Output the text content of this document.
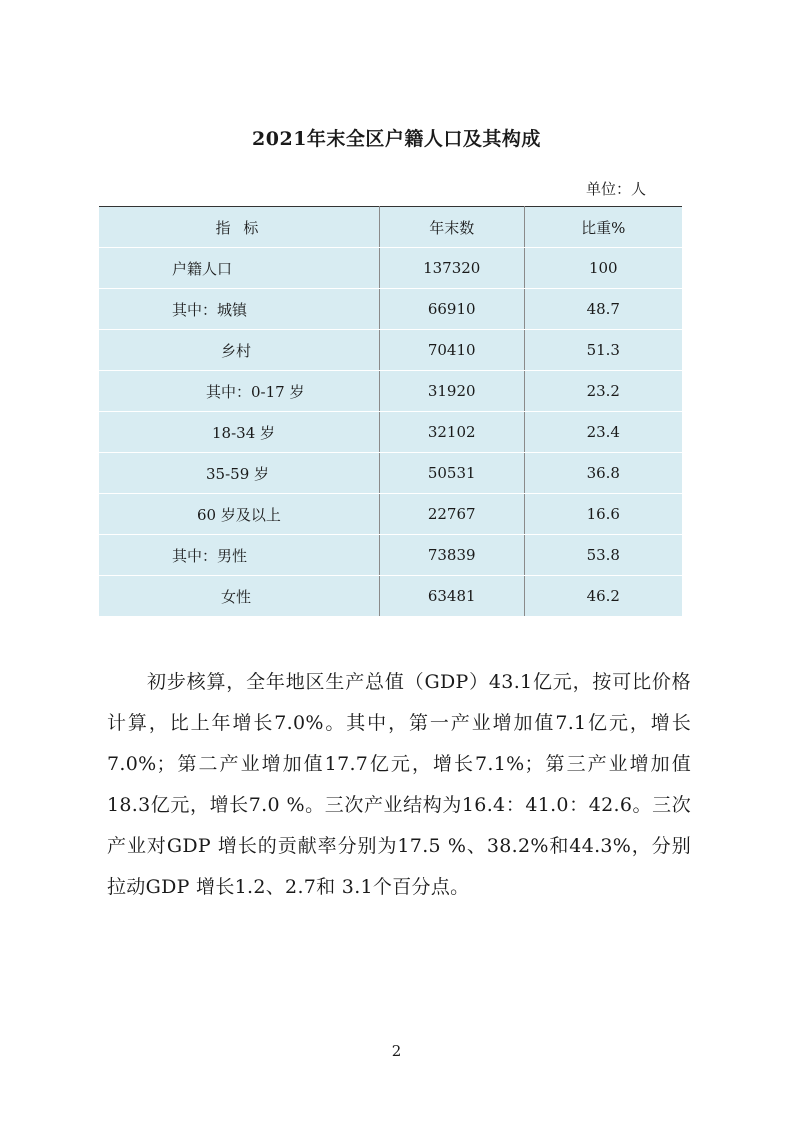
2021年末全区户籍人口及其构成
单位：人
指 标	年末数	比重%
户籍人口	137320	100
其中：城镇	66910	48.7
乡村	70410	51.3
其中：0-17 岁	31920	23.2
18-34 岁	32102	23.4
35-59 岁	50531	36.8
60 岁及以上	22767	16.6
其中：男性	73839	53.8
女性	63481	46.2
初步核算，全年地区生产总值（GDP）43.1亿元，按可比价格计算，比上年增长7.0%。其中，第一产业增加值7.1亿元，增长7.0%；第二产业增加值17.7亿元，增长7.1%；第三产业增加值18.3亿元，增长7.0 %。三次产业结构为16.4：41.0：42.6。三次产业对GDP 增长的贡献率分别为17.5 %、38.2%和44.3%，分别拉动GDP 增长1.2、2.7和 3.1个百分点。
2
